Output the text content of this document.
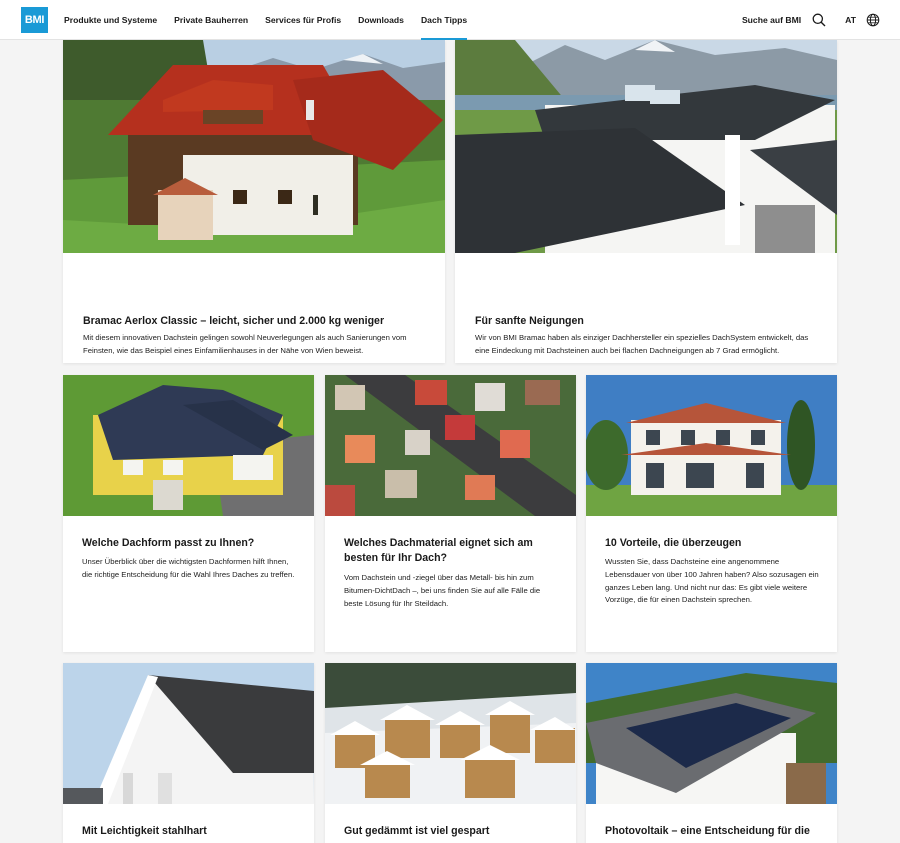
BMI	Produkte und Systeme Private Bauherren Services für Profis Downloads Dach Tipps	Suche auf BMI	AT
Bramac Aerlox Classic – leicht, sicher und 2.000 kg weniger

Mit diesem innovativen Dachstein gelingen sowohl Neuverlegungen als auch Sanierungen vom Feinsten, wie das Beispiel eines Einfamilienhauses in der Nähe von Wien beweist.

Für sanfte Neigungen

Wir von BMI Bramac haben als einziger Dachhersteller ein spezielles DachSystem entwickelt, das eine Eindeckung mit Dachsteinen auch bei flachen Dachneigungen ab 7 Grad ermöglicht.

Welche Dachform passt zu Ihnen?

Unser Überblick über die wichtigsten Dachformen hilft Ihnen, die richtige Entscheidung für die Wahl Ihres Daches zu treffen.

Welches Dachmaterial eignet sich am besten für Ihr Dach?

Vom Dachstein und -ziegel über das Metall- bis hin zum Bitumen-DichtDach –, bei uns finden Sie auf alle Fälle die beste Lösung für Ihr Steildach.

10 Vorteile, die überzeugen

Wussten Sie, dass Dachsteine eine angenommene Lebensdauer von über 100 Jahren haben? Also sozusagen ein ganzes Leben lang. Und nicht nur das: Es gibt viele weitere Vorzüge, die für einen Dachstein sprechen.

Mit Leichtigkeit stahlhart	Gut gedämmt ist viel gespart	Photovoltaik – eine Entscheidung für die
